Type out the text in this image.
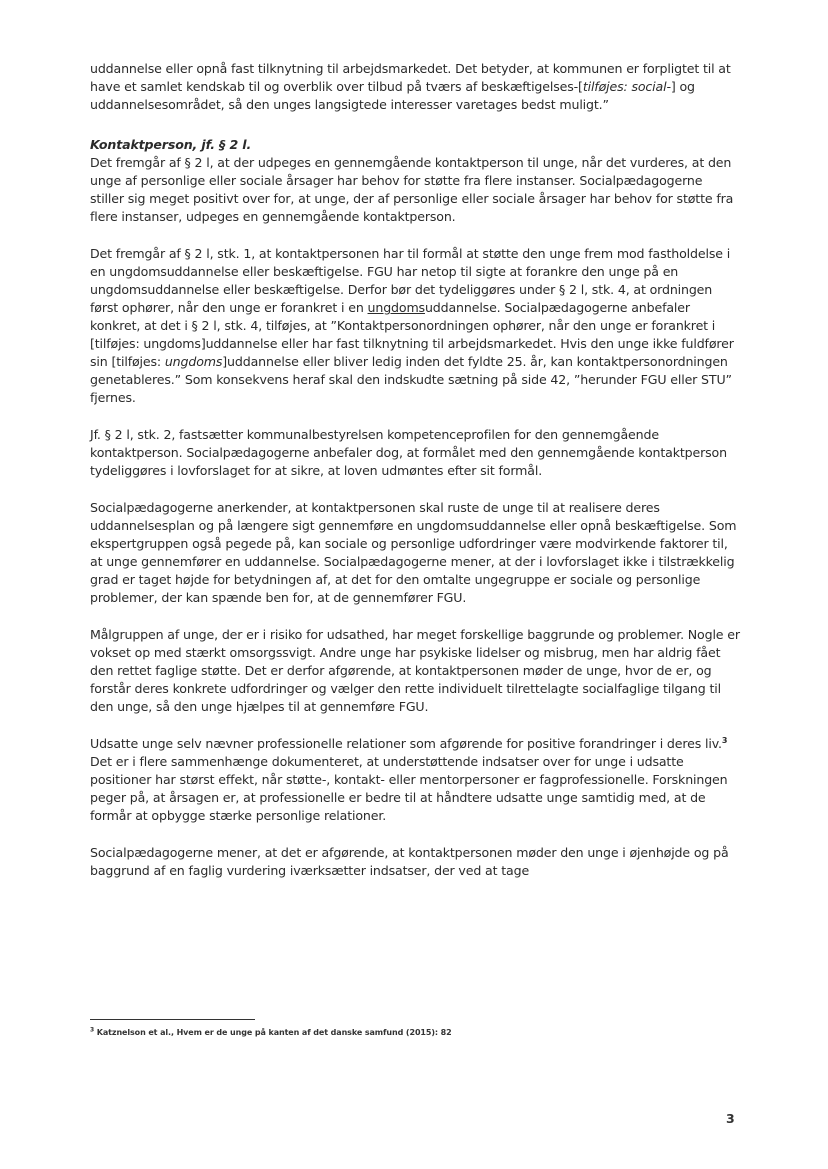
uddannelse eller opnå fast tilknytning til arbejdsmarkedet. Det betyder, at kommunen er forpligtet til at have et samlet kendskab til og overblik over tilbud på tværs af beskæftigelses-[tilføjes: social-] og uddannelsesområdet, så den unges langsigtede interesser varetages bedst muligt.”

Kontaktperson, jf. § 2 l.

Det fremgår af § 2 l, at der udpeges en gennemgående kontaktperson til unge, når det vurderes, at den unge af personlige eller sociale årsager har behov for støtte fra flere instanser. Socialpædagogerne stiller sig meget positivt over for, at unge, der af personlige eller sociale årsager har behov for støtte fra flere instanser, udpeges en gennemgående kontaktperson.

Det fremgår af § 2 l, stk. 1, at kontaktpersonen har til formål at støtte den unge frem mod fastholdelse i en ungdomsuddannelse eller beskæftigelse. FGU har netop til sigte at forankre den unge på en ungdomsuddannelse eller beskæftigelse. Derfor bør det tydeliggøres under § 2 l, stk. 4, at ordningen først ophører, når den unge er forankret i en ungdomsuddannelse. Socialpædagogerne anbefaler konkret, at det i § 2 l, stk. 4, tilføjes, at ”Kontaktpersonordningen ophører, når den unge er forankret i [tilføjes: ungdoms]uddannelse eller har fast tilknytning til arbejdsmarkedet. Hvis den unge ikke fuldfører sin [tilføjes: ungdoms]uddannelse eller bliver ledig inden det fyldte 25. år, kan kontaktpersonordningen genetableres.” Som konsekvens heraf skal den indskudte sætning på side 42, ”herunder FGU eller STU” fjernes.

Jf. § 2 l, stk. 2, fastsætter kommunalbestyrelsen kompetenceprofilen for den gennemgående kontaktperson. Socialpædagogerne anbefaler dog, at formålet med den gennemgående kontaktperson tydeliggøres i lovforslaget for at sikre, at loven udmøntes efter sit formål.

Socialpædagogerne anerkender, at kontaktpersonen skal ruste de unge til at realisere deres uddannelsesplan og på længere sigt gennemføre en ungdomsuddannelse eller opnå beskæftigelse. Som ekspertgruppen også pegede på, kan sociale og personlige udfordringer være modvirkende faktorer til, at unge gennemfører en uddannelse. Socialpædagogerne mener, at der i lovforslaget ikke i tilstrækkelig grad er taget højde for betydningen af, at det for den omtalte ungegruppe er sociale og personlige problemer, der kan spænde ben for, at de gennemfører FGU.

Målgruppen af unge, der er i risiko for udsathed, har meget forskellige baggrunde og problemer. Nogle er vokset op med stærkt omsorgssvigt. Andre unge har psykiske lidelser og misbrug, men har aldrig fået den rettet faglige støtte. Det er derfor afgørende, at kontaktpersonen møder de unge, hvor de er, og forstår deres konkrete udfordringer og vælger den rette individuelt tilrettelagte socialfaglige tilgang til den unge, så den unge hjælpes til at gennemføre FGU.

Udsatte unge selv nævner professionelle relationer som afgørende for positive forandringer i deres liv.$^3$ Det er i flere sammenhænge dokumenteret, at understøttende indsatser over for unge i udsatte positioner har størst effekt, når støtte-, kontakt- eller mentorpersoner er fagprofessionelle. Forskningen peger på, at årsagen er, at professionelle er bedre til at håndtere udsatte unge samtidig med, at de formår at opbygge stærke personlige relationer.

Socialpædagogerne mener, at det er afgørende, at kontaktpersonen møder den unge i øjenhøjde og på baggrund af en faglig vurdering iværksætter indsatser, der ved at tage

$^3$ Katznelson et al., Hvem er de unge på kanten af det danske samfund (2015): 82
3
